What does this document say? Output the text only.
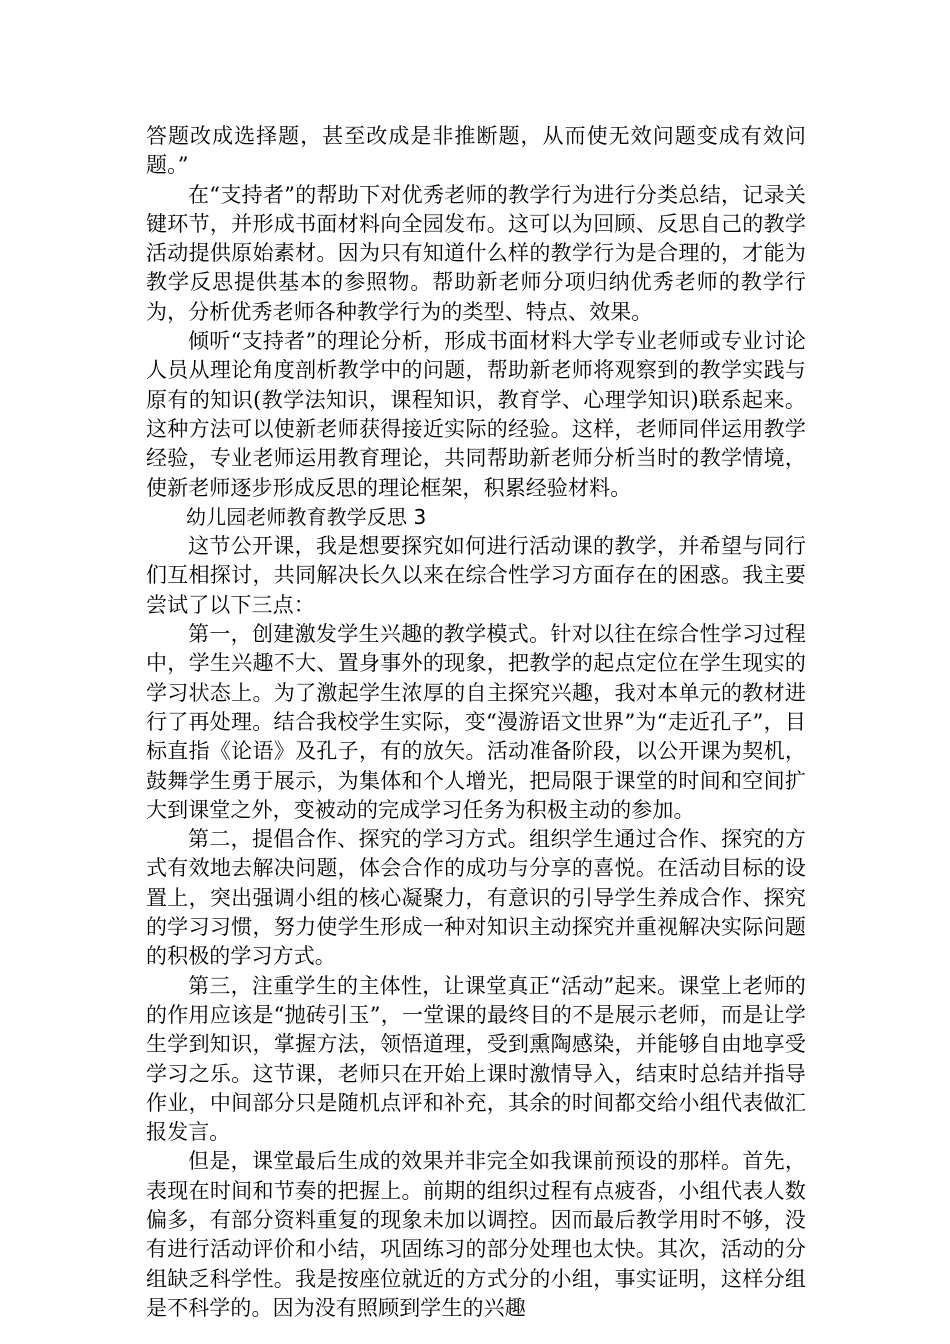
答题改成选择题，甚至改成是非推断题，从而使无效问题变成有效问题。”

在“支持者”的帮助下对优秀老师的教学行为进行分类总结，记录关键环节，并形成书面材料向全园发布。这可以为回顾、反思自己的教学活动提供原始素材。因为只有知道什么样的教学行为是合理的，才能为教学反思提供基本的参照物。帮助新老师分项归纳优秀老师的教学行为，分析优秀老师各种教学行为的类型、特点、效果。

倾听“支持者”的理论分析，形成书面材料大学专业老师或专业讨论人员从理论角度剖析教学中的问题，帮助新老师将观察到的教学实践与原有的知识(教学法知识，课程知识，教育学、心理学知识)联系起来。这种方法可以使新老师获得接近实际的经验。这样，老师同伴运用教学经验，专业老师运用教育理论，共同帮助新老师分析当时的教学情境，使新老师逐步形成反思的理论框架，积累经验材料。

幼儿园老师教育教学反思 3

这节公开课，我是想要探究如何进行活动课的教学，并希望与同行们互相探讨，共同解决长久以来在综合性学习方面存在的困惑。我主要尝试了以下三点：

第一，创建激发学生兴趣的教学模式。针对以往在综合性学习过程中，学生兴趣不大、置身事外的现象，把教学的起点定位在学生现实的学习状态上。为了激起学生浓厚的自主探究兴趣，我对本单元的教材进行了再处理。结合我校学生实际，变“漫游语文世界”为“走近孔子”，目标直指《论语》及孔子，有的放矢。活动准备阶段，以公开课为契机，鼓舞学生勇于展示，为集体和个人增光，把局限于课堂的时间和空间扩大到课堂之外，变被动的完成学习任务为积极主动的参加。

第二，提倡合作、探究的学习方式。组织学生通过合作、探究的方式有效地去解决问题，体会合作的成功与分享的喜悦。在活动目标的设置上，突出强调小组的核心凝聚力，有意识的引导学生养成合作、探究的学习习惯，努力使学生形成一种对知识主动探究并重视解决实际问题的积极的学习方式。

第三，注重学生的主体性，让课堂真正“活动”起来。课堂上老师的的作用应该是“抛砖引玉”，一堂课的最终目的不是展示老师，而是让学生学到知识，掌握方法，领悟道理，受到熏陶感染，并能够自由地享受学习之乐。这节课，老师只在开始上课时激情导入，结束时总结并指导作业，中间部分只是随机点评和补充，其余的时间都交给小组代表做汇报发言。

但是，课堂最后生成的效果并非完全如我课前预设的那样。首先，表现在时间和节奏的把握上。前期的组织过程有点疲沓，小组代表人数偏多，有部分资料重复的现象未加以调控。因而最后教学用时不够，没有进行活动评价和小结，巩固练习的部分处理也太快。其次，活动的分组缺乏科学性。我是按座位就近的方式分的小组，事实证明，这样分组是不科学的。因为没有照顾到学生的兴趣
